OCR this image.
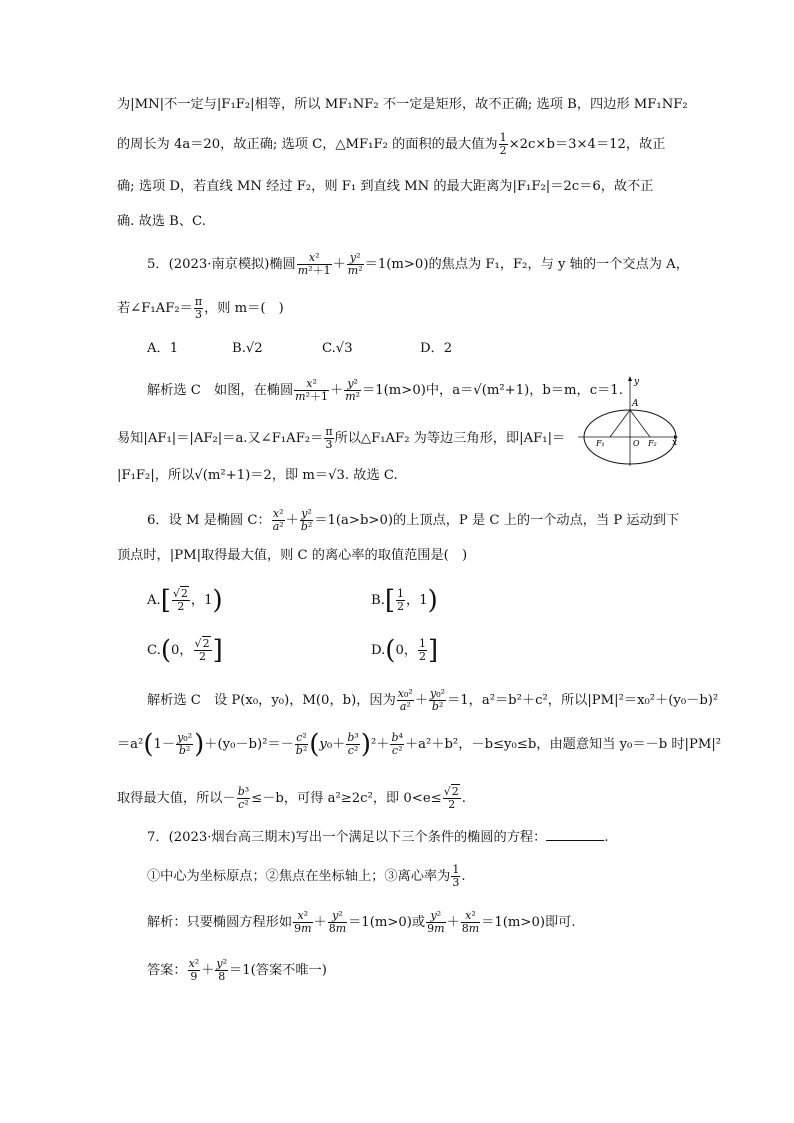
为|MN|不一定与|F₁F₂|相等，所以 MF₁NF₂ 不一定是矩形，故不正确; 选项 B，四边形 MF₁NF₂
的周长为 4a＝20，故正确; 选项 C，△MF₁F₂ 的面积的最大值为 $\frac{1}{2} \times 2c\times b=3\times 4=12$，故正
确; 选项 D，若直线 MN 经过 F₂，则 F₁ 到直线 MN 的最大距离为|F₁F₂|＝2c＝6，故不正
确. 故选 B、C.
5．(2023·南京模拟)椭圆 $\frac{\text{x²}}{\text{m²＋1}} + \frac{\text{y²}}{\text{m²}} =1(m>0)$的焦点为 F₁，F₂，与 y 轴的一个交点为 A，
若∠F₁AF₂＝ $\frac{\pi}{3}$ ，则 m＝(　)
A．1	B.√2	C.√3	D．2
解析选 C　如图，在椭圆 $\frac{\text{x²}}{\text{m²＋1}} + \frac{\text{y²}}{\text{m²}} =1(m>0)$中，a＝√(m²+1)，b＝m，c＝1.
易知|AF₁|＝|AF₂|＝a.又∠F₁AF₂＝ $\frac{\pi}{3}$ 所以△F₁AF₂ 为等边三角形，即|AF₁|＝
|F₁F₂|，所以√(m²+1)＝2，即 m＝√3. 故选 C.
y
x
A
F₁	O F₂
6．设 M 是椭圆 C： $\frac{\text{x²}}{\text{a²}} + \frac{\text{y²}}{\text{b²}} =1(a>b>0)$的上顶点，P 是 C 上的一个动点，当 P 运动到下
顶点时，|PM|取得最大值，则 C 的离心率的取值范围是(　)
$A.[ \frac{√2}{2}$ ，1)	$B.[ \frac{1}{2}$ ，1)
C.(0， $\frac{√2}{2}$ ]	D.(0， $\frac{1}{2}$ ]
解析选 C　设 P(x₀，y₀)，M(0，b)，因为 $\frac{\text{x₀²}}{\text{a²}} + \frac{\text{y₀²}}{\text{b²}} =1$，a²＝b²＋c²，所以|PM|²＝x₀²＋(y₀－b)²
$=a^2(1- \frac{\text{y₀²}}{\text{b²}} )+(y_0-b)^2=- \frac{\text{c²}}{\text{b²}} (y_0+ \frac{\text{b³}}{\text{c²}} )^2+ \frac{\text{b⁴}}{\text{c²}} +a^2+b^2$，－b≤y₀≤b，由题意知当 y₀＝－b 时|PM|²
取得最大值，所以－ $\frac{\text{b³}}{\text{c²}} \le-b$，可得 a²≥2c²，即 $0<e\le \frac{√2}{2}$ .
7．(2023·烟台高三期末)写出一个满足以下三个条件的椭圆的方程：	.
①中心为坐标原点；②焦点在坐标轴上；③离心率为 $\frac{1}{3}$ .
解析：只要椭圆方程形如 $\frac{\text{x²}}{9m} + \frac{\text{y²}}{8m} =1(m>0)$或 $\frac{\text{y²}}{9m} + \frac{\text{x²}}{8m} =1(m>0)$即可.
答案： $\frac{\text{x²}}{9} + \frac{\text{y²}}{8} =1$(答案不唯一)
